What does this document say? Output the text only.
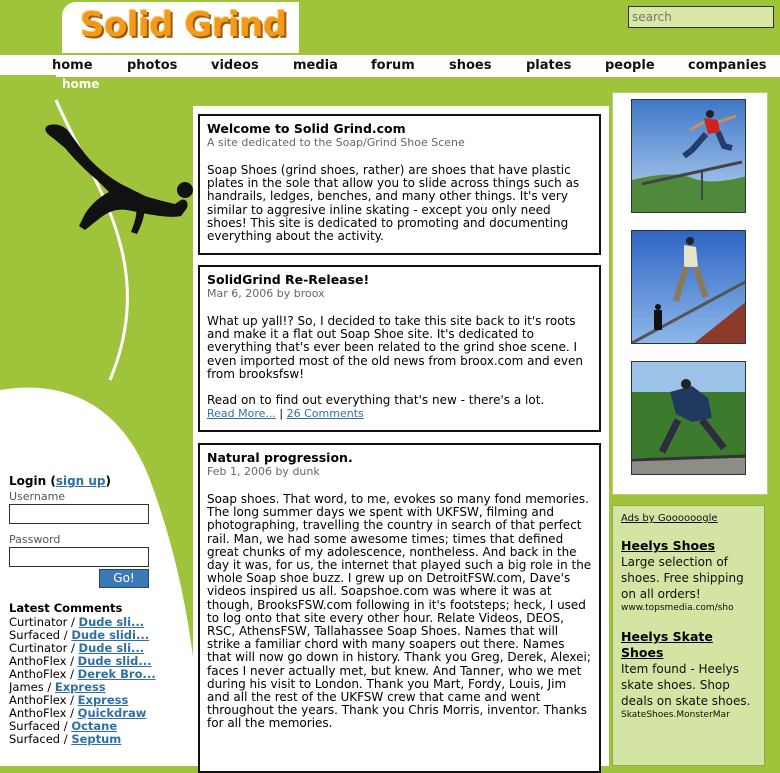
Solid Grind
search
home	photos	videos	media	forum	shoes	plates	people	companies
home
Login (sign up)
Username
Password
Go!
Latest Comments
Curtinator / Dude sli...
Surfaced / Dude slidi...
Curtinator / Dude sli...
AnthoFlex / Dude slid...
AnthoFlex / Derek Bro...
James / Express
AnthoFlex / Express
AnthoFlex / Quickdraw
Surfaced / Octane
Surfaced / Septum
Welcome to Solid Grind.com
A site dedicated to the Soap/Grind Shoe Scene
Soap Shoes (grind shoes, rather) are shoes that have plastic plates in the sole that allow you to slide across things such as handrails, ledges, benches, and many other things. It's very similar to aggresive inline skating - except you only need shoes! This site is dedicated to promoting and documenting everything about the activity.
SolidGrind Re-Release!
Mar 6, 2006 by broox
What up yall!? So, I decided to take this site back to it's roots and make it a flat out Soap Shoe site. It's dedicated to everything that's ever been related to the grind shoe scene. I even imported most of the old news from broox.com and even from brooksfsw!
Read on to find out everything that's new - there's a lot.
Read More... | 26 Comments
Natural progression.
Feb 1, 2006 by dunk
Soap shoes. That word, to me, evokes so many fond memories. The long summer days we spent with UKFSW, filming and photographing, travelling the country in search of that perfect rail. Man, we had some awesome times; times that defined great chunks of my adolescence, nontheless. And back in the day it was, for us, the internet that played such a big role in the whole Soap shoe buzz. I grew up on DetroitFSW.com, Dave's videos inspired us all. Soapshoe.com was where it was at though, BrooksFSW.com following in it's footsteps; heck, I used to log onto that site every other hour. Relate Videos, DEOS, RSC, AthensFSW, Tallahassee Soap Shoes. Names that will strike a familiar chord with many soapers out there. Names that will now go down in history. Thank you Greg, Derek, Alexei; faces I never actually met, but knew. And Tanner, who we met during his visit to London. Thank you Mart, Fordy, Louis, Jim and all the rest of the UKFSW crew that came and went throughout the years. Thank you Chris Morris, inventor. Thanks for all the memories.
Ads by Goooooogle
Heelys Shoes
Large selection of shoes. Free shipping on all orders!
www.topsmedia.com/sho
Heelys Skate Shoes
Item found - Heelys skate shoes. Shop deals on skate shoes.
SkateShoes.MonsterMar
